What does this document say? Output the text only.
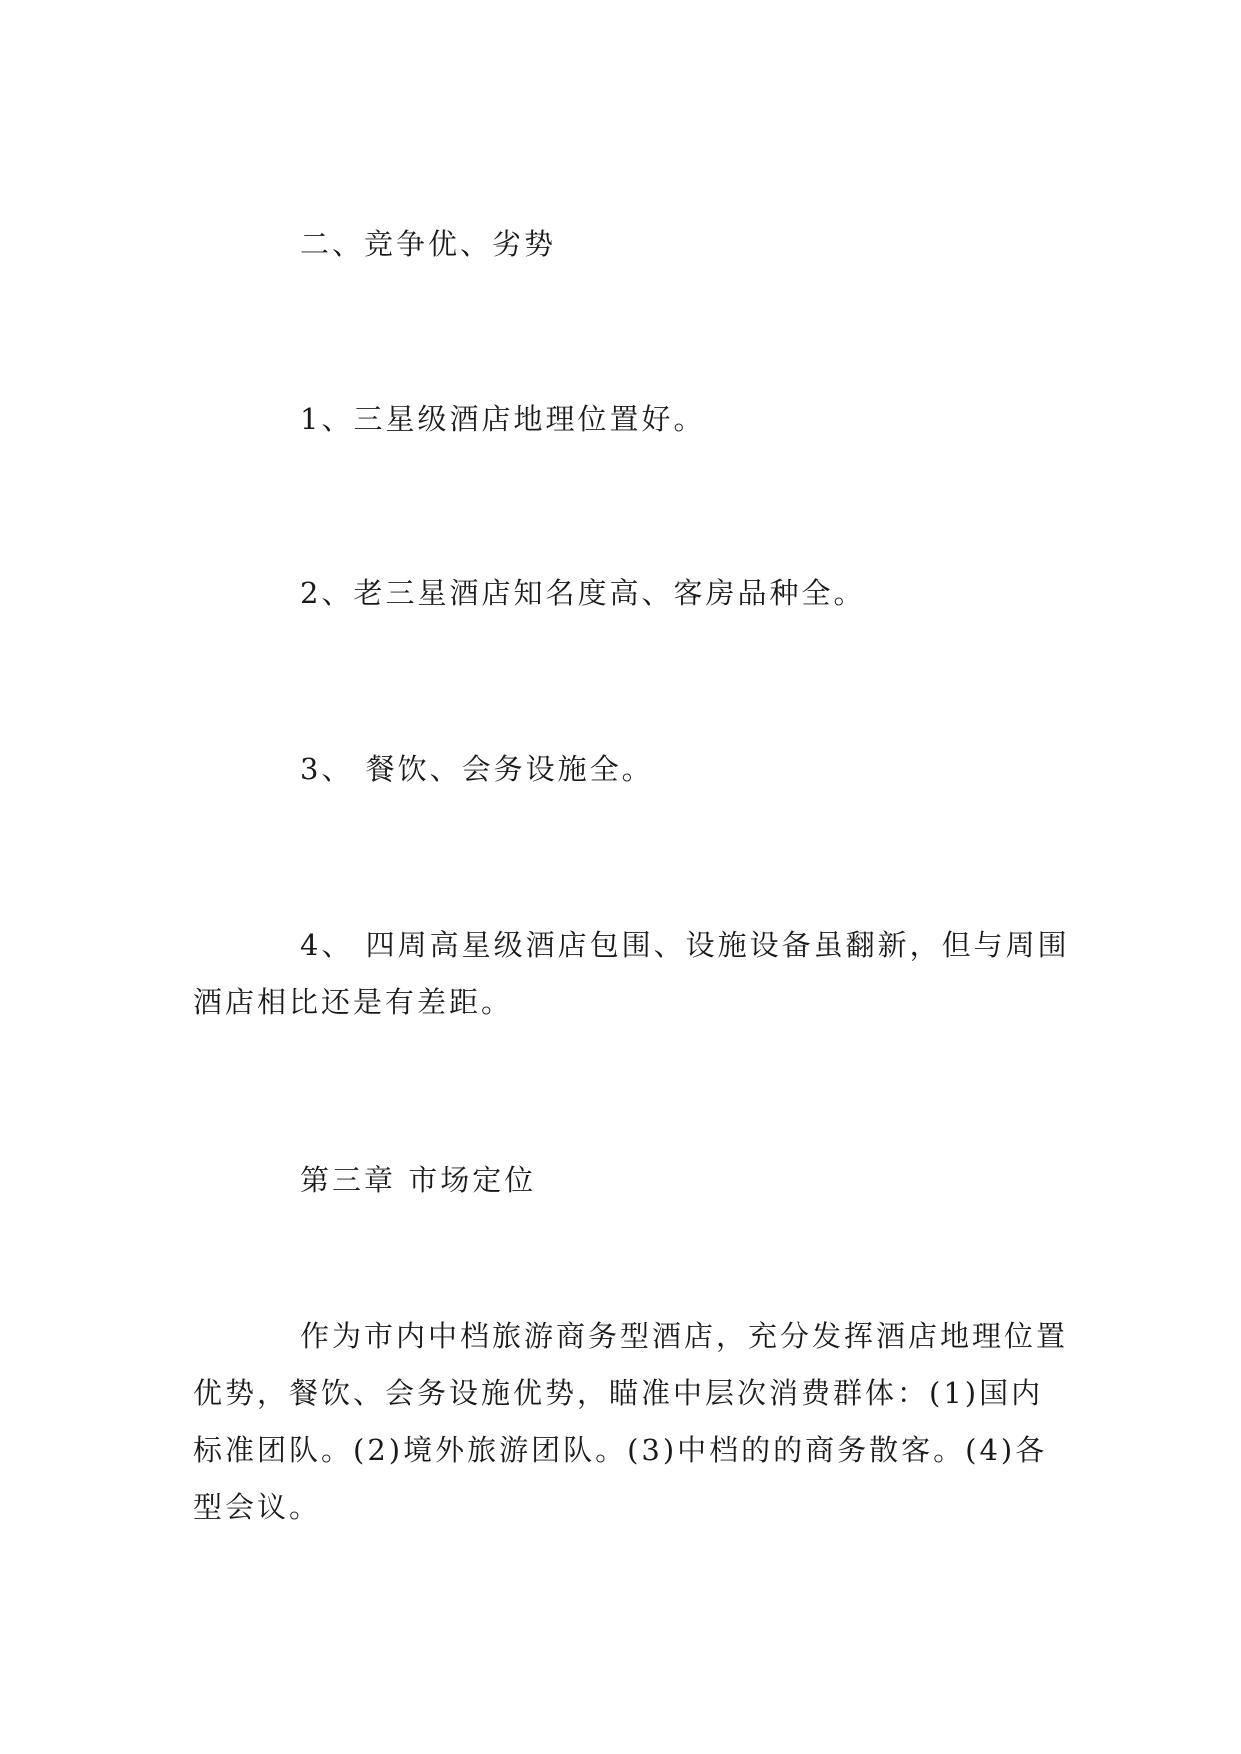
二、竞争优、劣势
1、三星级酒店地理位置好。
2、老三星酒店知名度高、客房品种全。
3、 餐饮、会务设施全。
4、 四周高星级酒店包围、设施设备虽翻新，但与周围酒店相比还是有差距。
第三章 市场定位
作为市内中档旅游商务型酒店，充分发挥酒店地理位置优势，餐饮、会务设施优势，瞄准中层次消费群体：(1)国内标准团队。(2)境外旅游团队。(3)中档的的商务散客。(4)各型会议。
